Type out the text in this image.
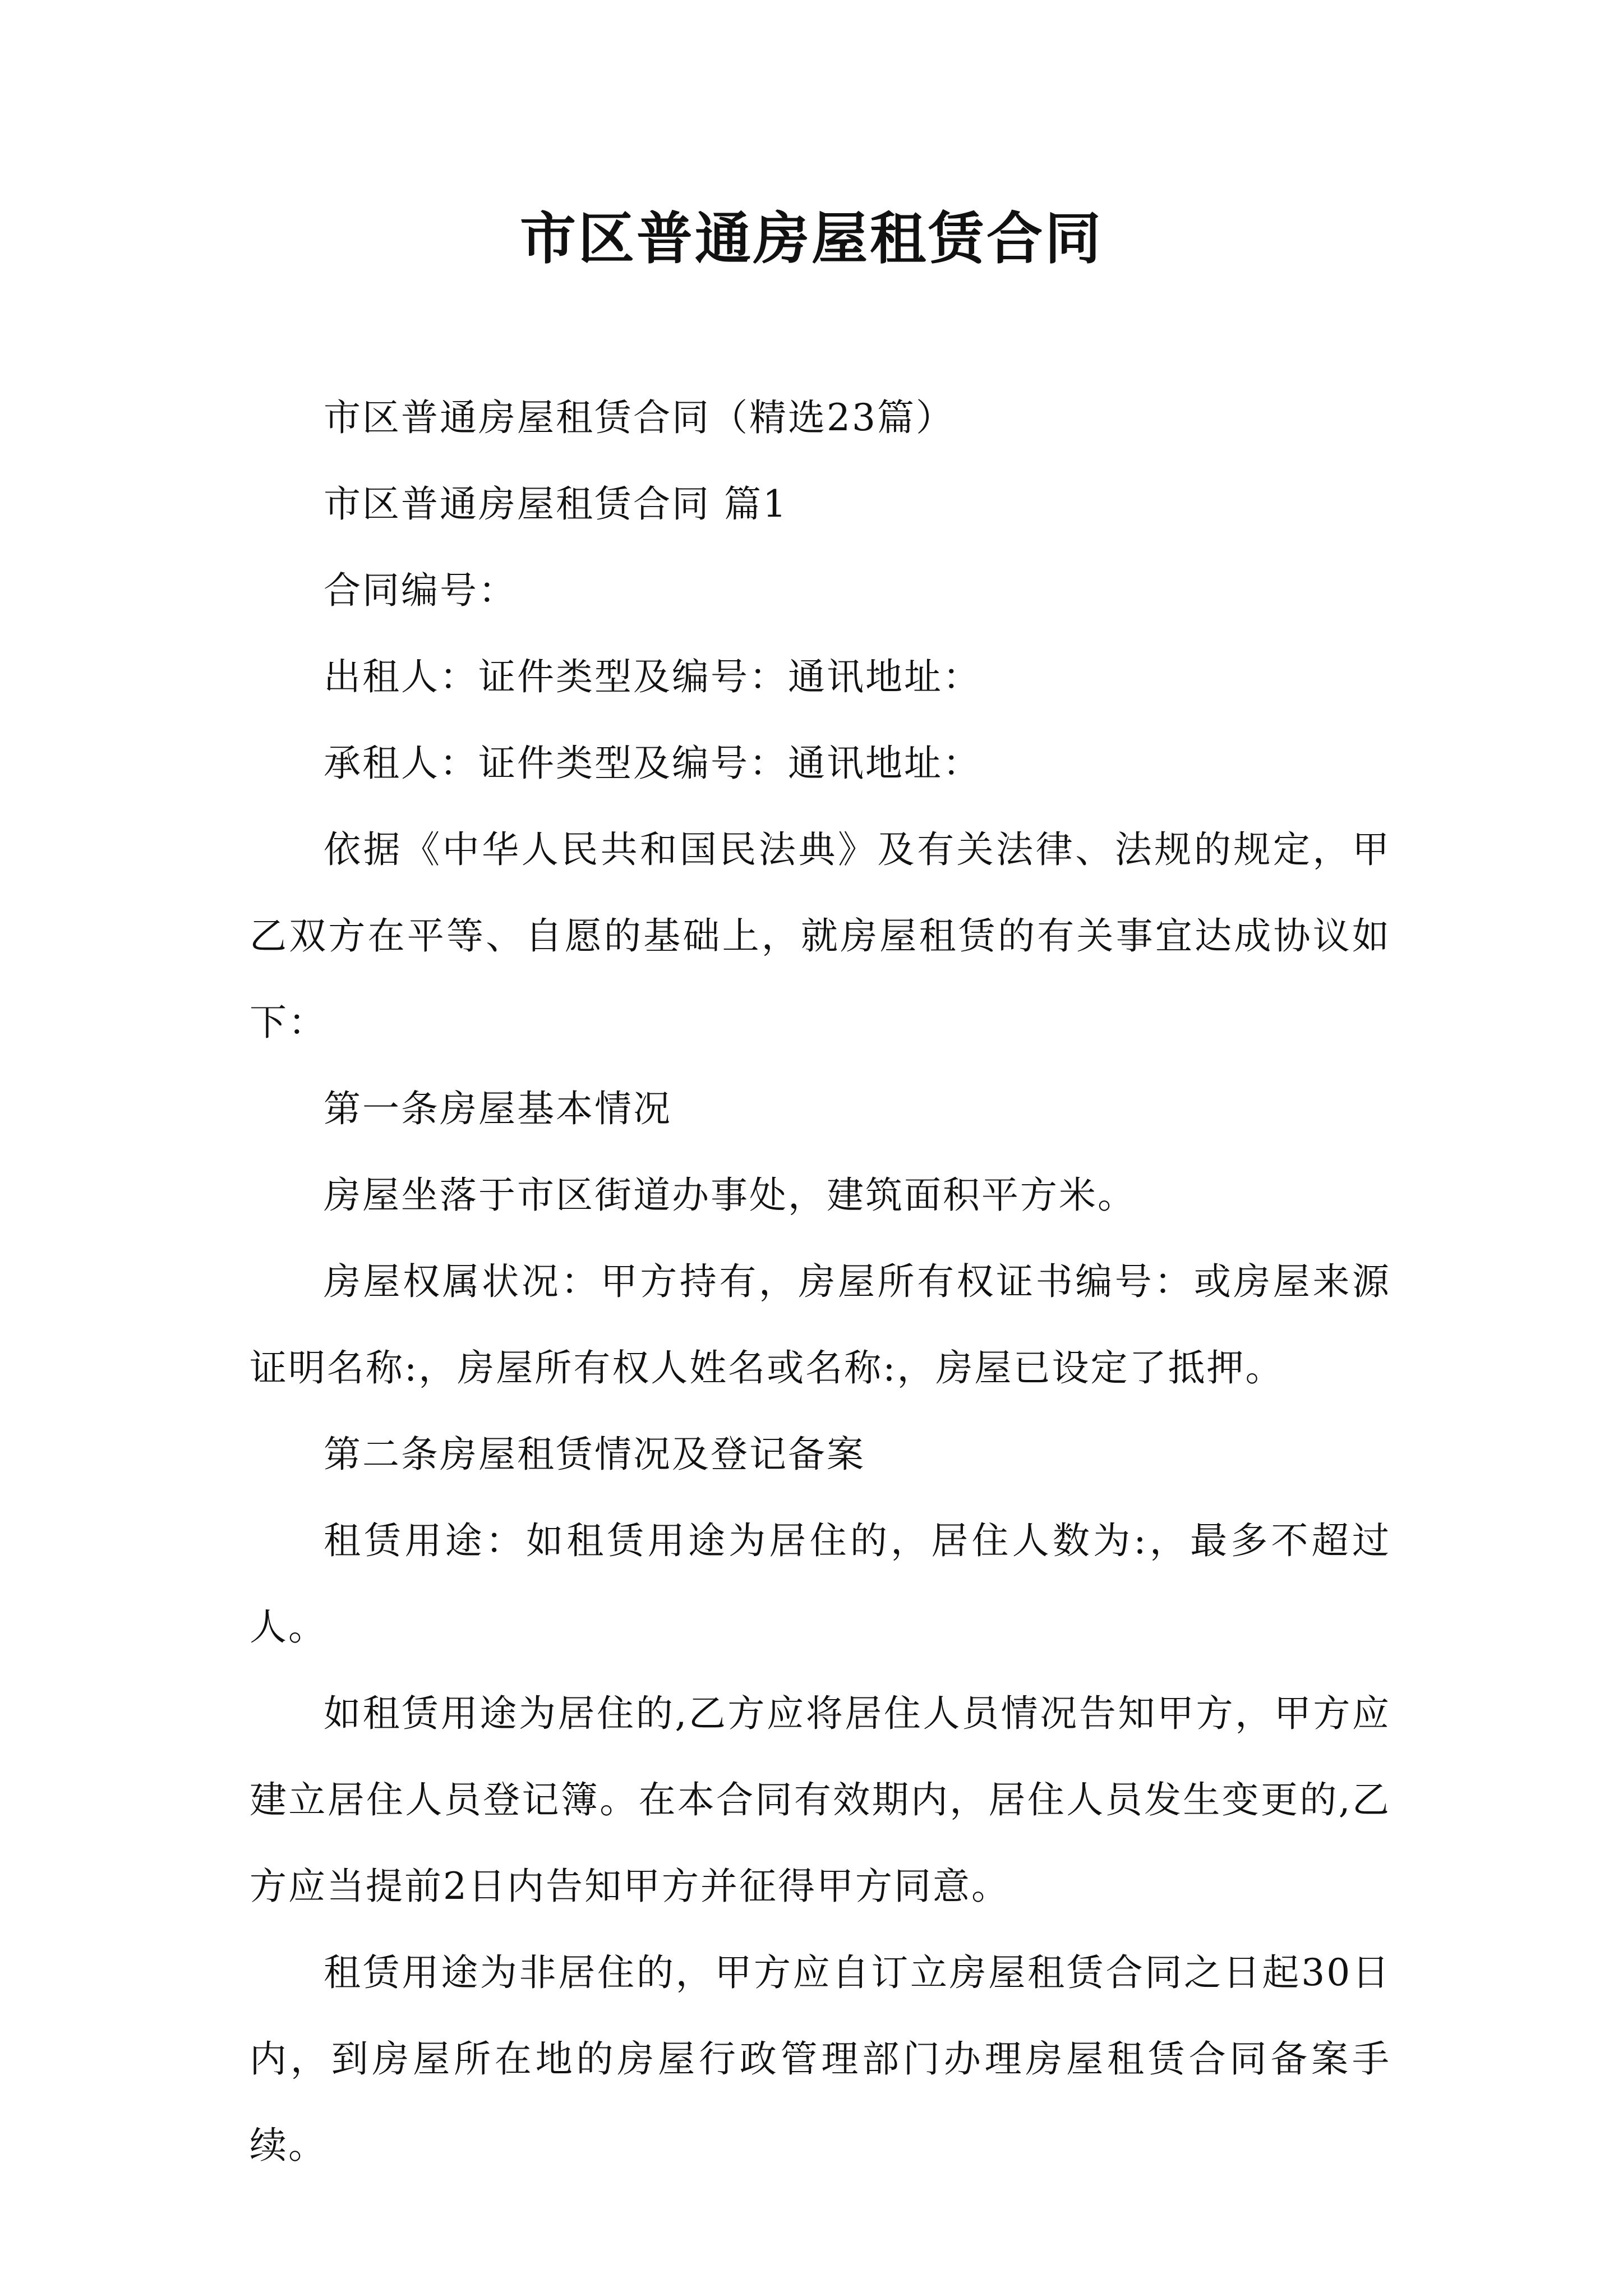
市区普通房屋租赁合同

市区普通房屋租赁合同（精选23篇）

市区普通房屋租赁合同 篇1

合同编号：

出租人：证件类型及编号：通讯地址：

承租人：证件类型及编号：通讯地址：

依据《中华人民共和国民法典》及有关法律、法规的规定，甲乙双方在平等、自愿的基础上，就房屋租赁的有关事宜达成协议如下：

第一条房屋基本情况

房屋坐落于市区街道办事处，建筑面积平方米。

房屋权属状况：甲方持有，房屋所有权证书编号：或房屋来源证明名称:，房屋所有权人姓名或名称:，房屋已设定了抵押。

第二条房屋租赁情况及登记备案

租赁用途：如租赁用途为居住的，居住人数为:，最多不超过人。

如租赁用途为居住的,乙方应将居住人员情况告知甲方，甲方应建立居住人员登记簿。在本合同有效期内，居住人员发生变更的,乙方应当提前2日内告知甲方并征得甲方同意。

租赁用途为非居住的，甲方应自订立房屋租赁合同之日起30日内，到房屋所在地的房屋行政管理部门办理房屋租赁合同备案手续。
